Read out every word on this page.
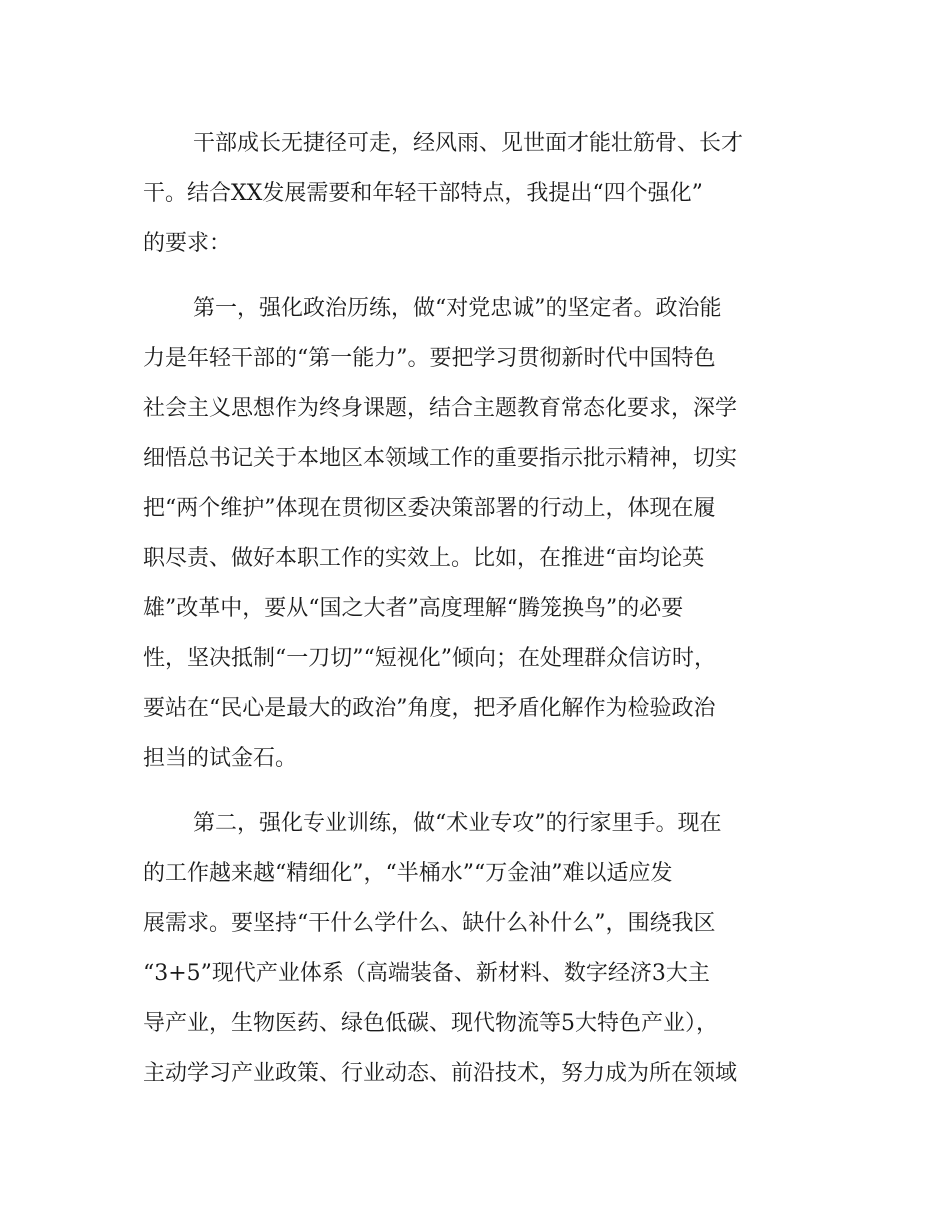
干部成长无捷径可走，经风雨、见世面才能壮筋骨、长才
干。结合XX发展需要和年轻干部特点，我提出“四个强化”
的要求：
第一，强化政治历练，做“对党忠诚”的坚定者。政治能
力是年轻干部的“第一能力”。要把学习贯彻新时代中国特色
社会主义思想作为终身课题，结合主题教育常态化要求，深学
细悟总书记关于本地区本领域工作的重要指示批示精神，切实
把“两个维护”体现在贯彻区委决策部署的行动上，体现在履
职尽责、做好本职工作的实效上。比如，在推进“亩均论英
雄”改革中，要从“国之大者”高度理解“腾笼换鸟”的必要
性，坚决抵制“一刀切”“短视化”倾向；在处理群众信访时，
要站在“民心是最大的政治”角度，把矛盾化解作为检验政治
担当的试金石。
第二，强化专业训练，做“术业专攻”的行家里手。现在
的工作越来越“精细化”，“半桶水”“万金油”难以适应发
展需求。要坚持“干什么学什么、缺什么补什么”，围绕我区
“3+5”现代产业体系（高端装备、新材料、数字经济3大主
导产业，生物医药、绿色低碳、现代物流等5大特色产业），
主动学习产业政策、行业动态、前沿技术，努力成为所在领域
